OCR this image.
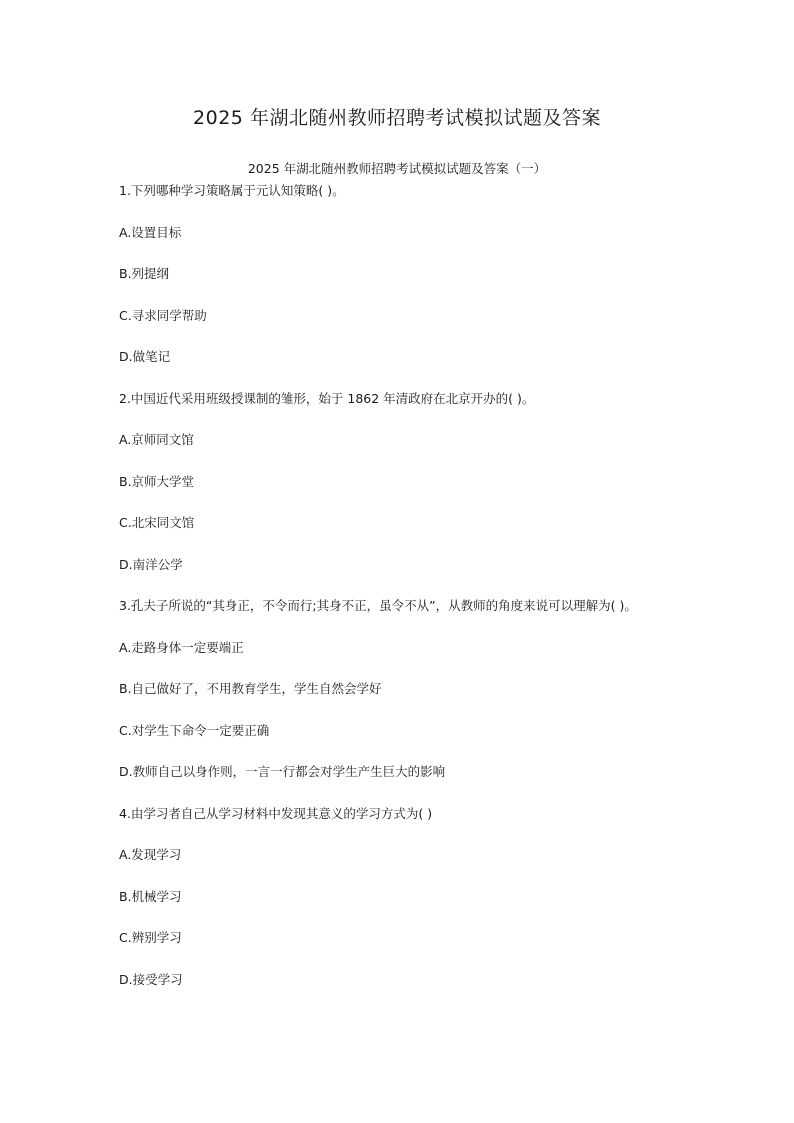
2025 年湖北随州教师招聘考试模拟试题及答案
2025 年湖北随州教师招聘考试模拟试题及答案（一）
1.下列哪种学习策略属于元认知策略( )。
A.设置目标
B.列提纲
C.寻求同学帮助
D.做笔记
2.中国近代采用班级授课制的雏形，始于 1862 年清政府在北京开办的( )。
A.京师同文馆
B.京师大学堂
C.北宋同文馆
D.南洋公学
3.孔夫子所说的“其身正，不令而行;其身不正，虽令不从”，从教师的角度来说可以理解为( )。
A.走路身体一定要端正
B.自己做好了，不用教育学生，学生自然会学好
C.对学生下命令一定要正确
D.教师自己以身作则，一言一行都会对学生产生巨大的影响
4.由学习者自己从学习材料中发现其意义的学习方式为( )
A.发现学习
B.机械学习
C.辨别学习
D.接受学习
